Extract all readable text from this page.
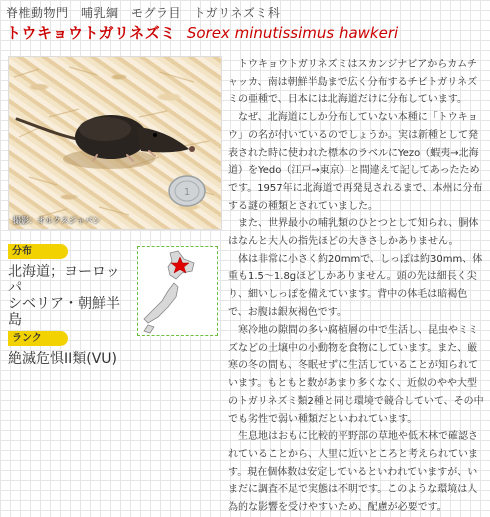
脊椎動物門　哺乳綱　モグラ目　トガリネズミ科
トウキョウトガリネズミ Sorex minutissimus hawkeri
1
撮影：オルクスジャパン
分布
北海道；ヨーロッパ
シベリア・朝鮮半島
ランク
絶滅危惧II類(VU)

トウキョウトガリネズミはスカンジナビアからカムチャッカ、南は朝鮮半島まで広く分布するチビトガリネズミの亜種で、日本には北海道だけに分布しています。

なぜ、北海道にしか分布していない本種に「トウキョウ」の名が付いているのでしょうか。実は新種として発表された時に使われた標本のラベルにYezo（蝦夷→北海道）をYedo（江戸→東京）と間違えて記してあったためです。1957年に北海道で再発見されるまで、本州に分布する謎の種類とされていました。

また、世界最小の哺乳類のひとつとして知られ、胴体はなんと大人の指先ほどの大きさしかありません。

体は非常に小さく約20mmで、しっぽは約30mm、体重も1.5～1.8gほどしかありません。頭の先は細長く尖り、細いしっぽを備えています。背中の体毛は暗褐色で、お腹は銀灰褐色です。

寒冷地の隙間の多い腐植層の中で生活し、昆虫やミミズなどの土壌中の小動物を食物にしています。また、厳寒の冬の間も、冬眠せずに生活していることが知られています。もともと数があまり多くなく、近似のやや大型のトガリネズミ類2種と同じ環境で競合していて、その中でも劣性で弱い種類だといわれています。

生息地はおもに比較的平野部の草地や低木林で確認されていることから、人里に近いところと考えられています。現在個体数は安定しているといわれていますが、いまだに調査不足で実態は不明です。このような環境は人為的な影響を受けやすいため、配慮が必要です。
